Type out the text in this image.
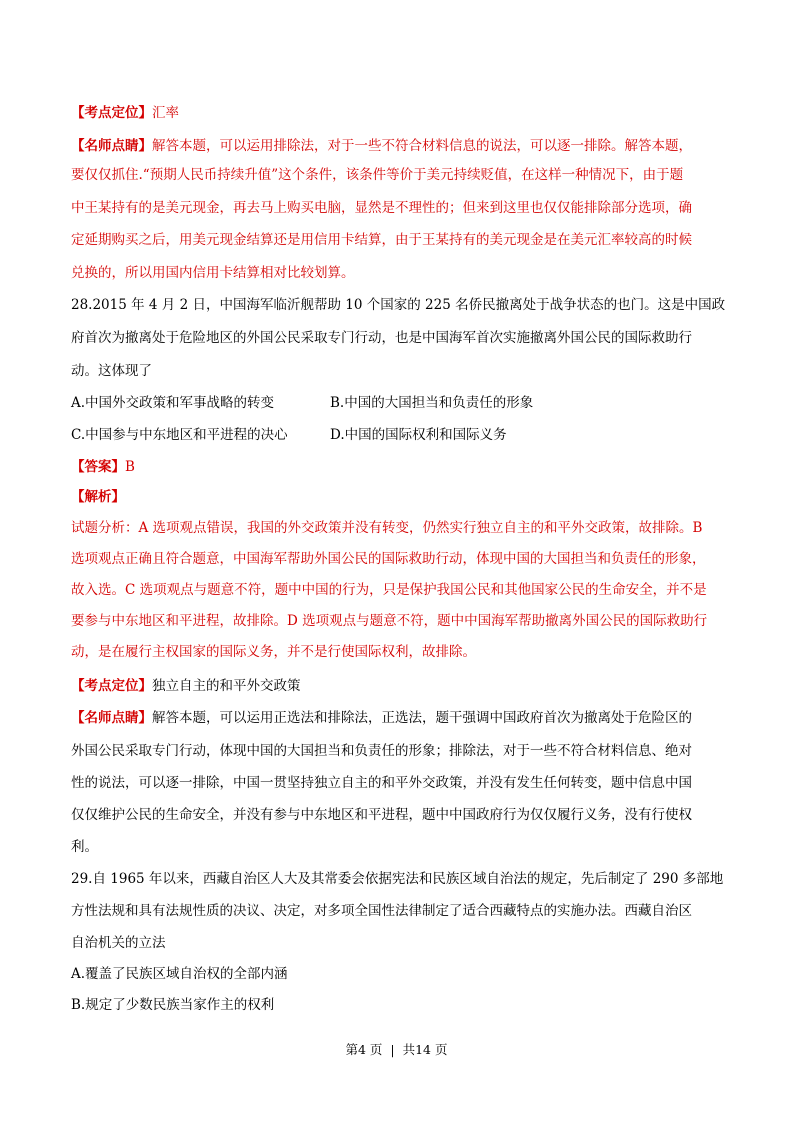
【考点定位】汇率
【名师点睛】解答本题，可以运用排除法，对于一些不符合材料信息的说法，可以逐一排除。解答本题，
要仅仅抓住.“预期人民币持续升值”这个条件，该条件等价于美元持续贬值，在这样一种情况下，由于题
中王某持有的是美元现金，再去马上购买电脑，显然是不理性的；但来到这里也仅仅能排除部分选项，确
定延期购买之后，用美元现金结算还是用信用卡结算，由于王某持有的美元现金是在美元汇率较高的时候
兑换的，所以用国内信用卡结算相对比较划算。
28.2015 年 4 月 2 日，中国海军临沂舰帮助 10 个国家的 225 名侨民撤离处于战争状态的也门。这是中国政
府首次为撤离处于危险地区的外国公民采取专门行动，也是中国海军首次实施撤离外国公民的国际救助行
动。这体现了
A.中国外交政策和军事战略的转变	B.中国的大国担当和负责任的形象
C.中国参与中东地区和平进程的决心	D.中国的国际权利和国际义务
【答案】B
【解析】
试题分析：A 选项观点错误，我国的外交政策并没有转变，仍然实行独立自主的和平外交政策，故排除。B
选项观点正确且符合题意，中国海军帮助外国公民的国际救助行动，体现中国的大国担当和负责任的形象，
故入选。C 选项观点与题意不符，题中中国的行为，只是保护我国公民和其他国家公民的生命安全，并不是
要参与中东地区和平进程，故排除。D 选项观点与题意不符，题中中国海军帮助撤离外国公民的国际救助行
动，是在履行主权国家的国际义务，并不是行使国际权利，故排除。
【考点定位】独立自主的和平外交政策
【名师点睛】解答本题，可以运用正选法和排除法，正选法，题干强调中国政府首次为撤离处于危险区的
外国公民采取专门行动，体现中国的大国担当和负责任的形象；排除法，对于一些不符合材料信息、绝对
性的说法，可以逐一排除，中国一贯坚持独立自主的和平外交政策，并没有发生任何转变，题中信息中国
仅仅维护公民的生命安全，并没有参与中东地区和平进程，题中中国政府行为仅仅履行义务，没有行使权
利。
29.自 1965 年以来，西藏自治区人大及其常委会依据宪法和民族区域自治法的规定，先后制定了 290 多部地
方性法规和具有法规性质的决议、决定，对多项全国性法律制定了适合西藏特点的实施办法。西藏自治区
自治机关的立法
A.覆盖了民族区域自治权的全部内涵
B.规定了少数民族当家作主的权利
第4 页 | 共14 页
